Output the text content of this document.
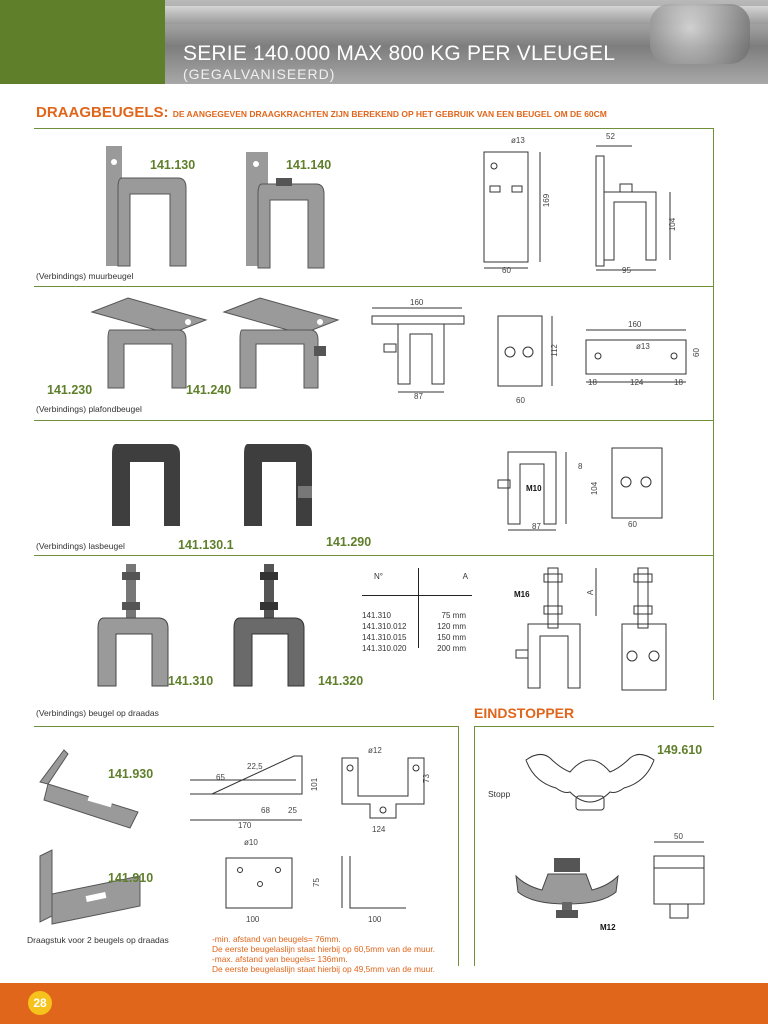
SERIE 140.000 MAX 800 KG PER VLEUGEL
(GEGALVANISEERD)
DRAAGBEUGELS: DE AANGEGEVEN DRAAGKRACHTEN ZIJN BEREKEND OP HET GEBRUIK VAN EEN BEUGEL OM DE 60CM
141.130	141.140
(Verbindings) muurbeugel
ø13
169
60
52
104
95
141.230	141.240
(Verbindings) plafondbeugel
160
87
112
60
160
ø13
60
18	124	18
141.130.1	141.290
(Verbindings) lasbeugel
8
M10	104
87	60
141.310	141.320
(Verbindings) beugel op draadas
N°	A
141.310	75 mm
141.310.012	120 mm
141.310.015	150 mm
141.310.020	200 mm
M16	A
141.930
141.910
Draagstuk voor 2 beugels op draadas
22,5
65
101
68 25
170
ø12
73
124
ø10
100
75
100
-min. afstand van beugels= 76mm.
De eerste beugelaslijn staat hierbij op 60,5mm van de muur.
-max. afstand van beugels= 136mm.
De eerste beugelaslijn staat hierbij op 49,5mm van de muur.
EINDSTOPPER
149.610
Stopp
M12
50
28
